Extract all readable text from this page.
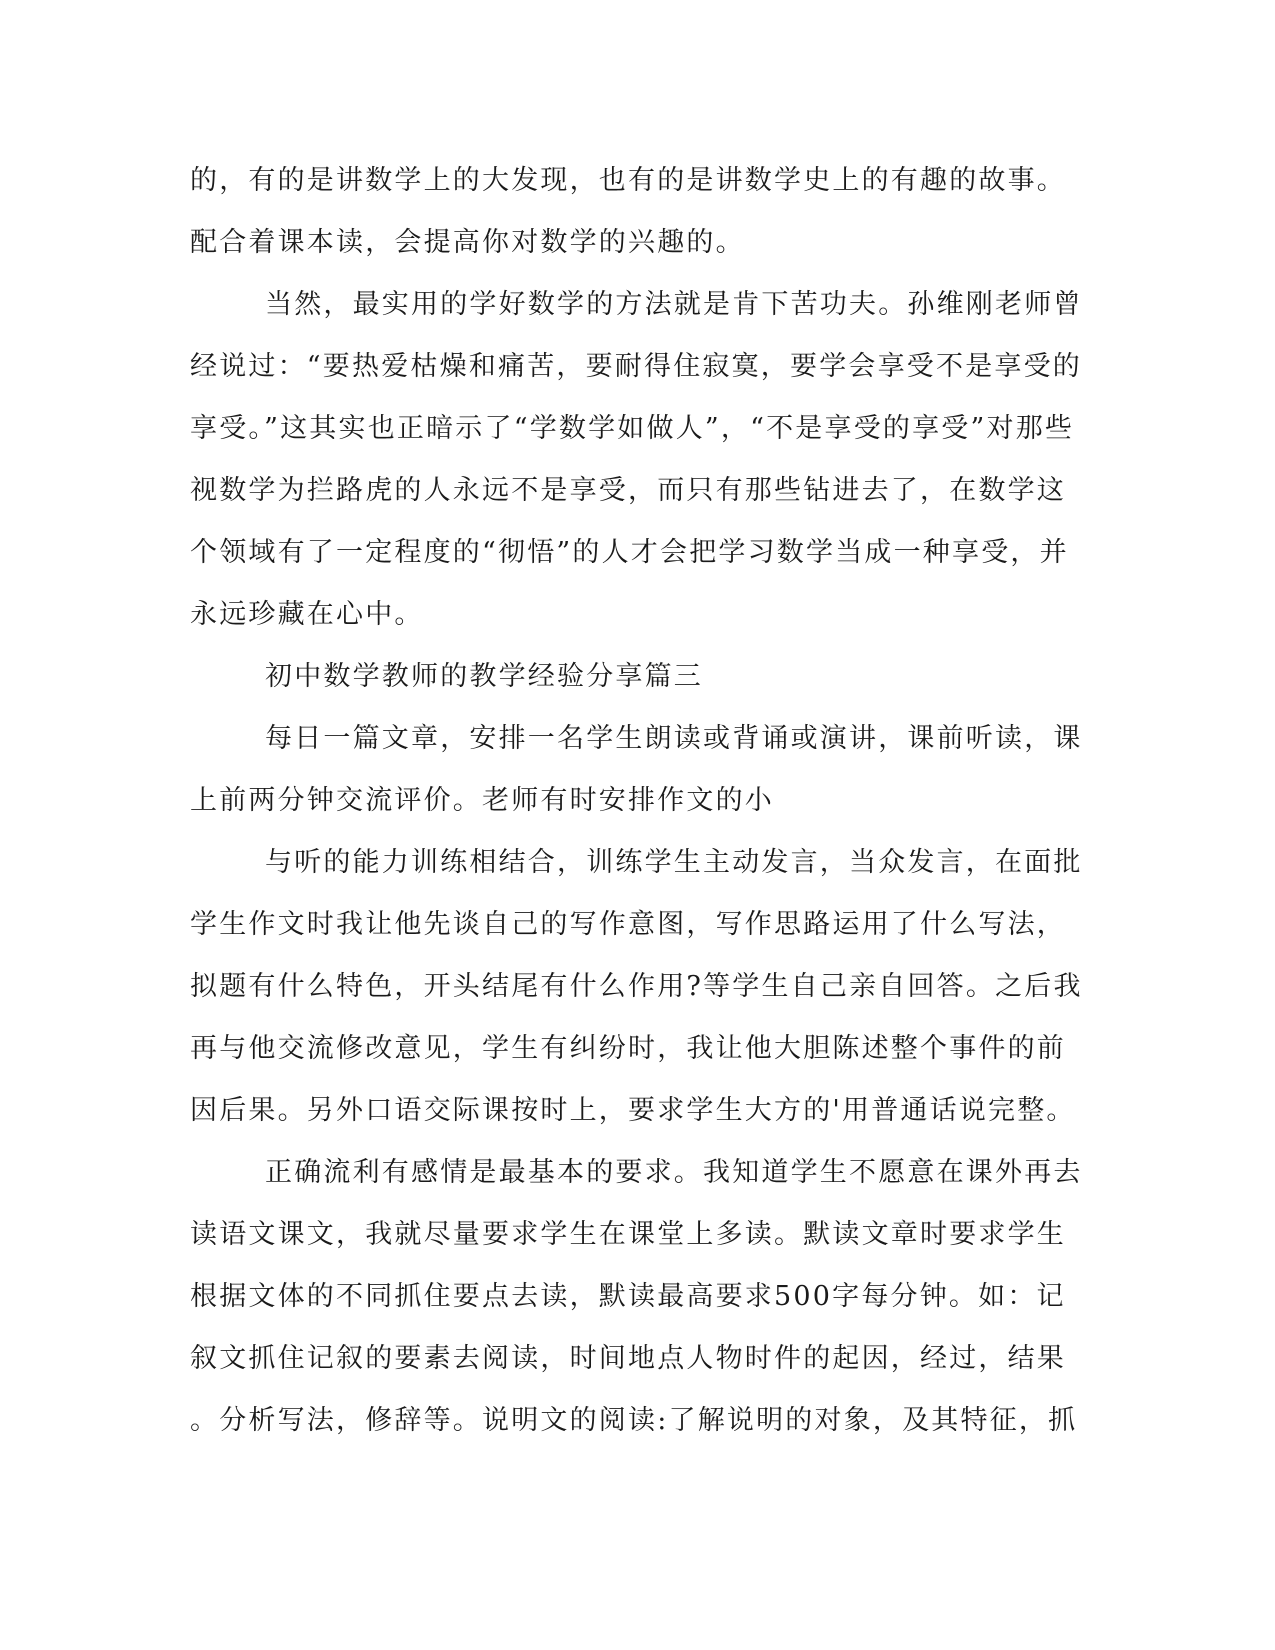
的，有的是讲数学上的大发现，也有的是讲数学史上的有趣的故事。
配合着课本读，会提高你对数学的兴趣的。
当然，最实用的学好数学的方法就是肯下苦功夫。孙维刚老师曾
经说过：“要热爱枯燥和痛苦，要耐得住寂寞，要学会享受不是享受的
享受。”这其实也正暗示了“学数学如做人”，“不是享受的享受”对那些
视数学为拦路虎的人永远不是享受，而只有那些钻进去了，在数学这
个领域有了一定程度的“彻悟”的人才会把学习数学当成一种享受，并
永远珍藏在心中。
初中数学教师的教学经验分享篇三
每日一篇文章，安排一名学生朗读或背诵或演讲，课前听读，课
上前两分钟交流评价。老师有时安排作文的小
与听的能力训练相结合，训练学生主动发言，当众发言，在面批
学生作文时我让他先谈自己的写作意图，写作思路运用了什么写法，
拟题有什么特色，开头结尾有什么作用?等学生自己亲自回答。之后我
再与他交流修改意见，学生有纠纷时，我让他大胆陈述整个事件的前
因后果。另外口语交际课按时上，要求学生大方的'用普通话说完整。
正确流利有感情是最基本的要求。我知道学生不愿意在课外再去
读语文课文，我就尽量要求学生在课堂上多读。默读文章时要求学生
根据文体的不同抓住要点去读，默读最高要求500字每分钟。如：记
叙文抓住记叙的要素去阅读，时间地点人物时件的起因，经过，结果
。分析写法，修辞等。说明文的阅读:了解说明的对象，及其特征，抓
